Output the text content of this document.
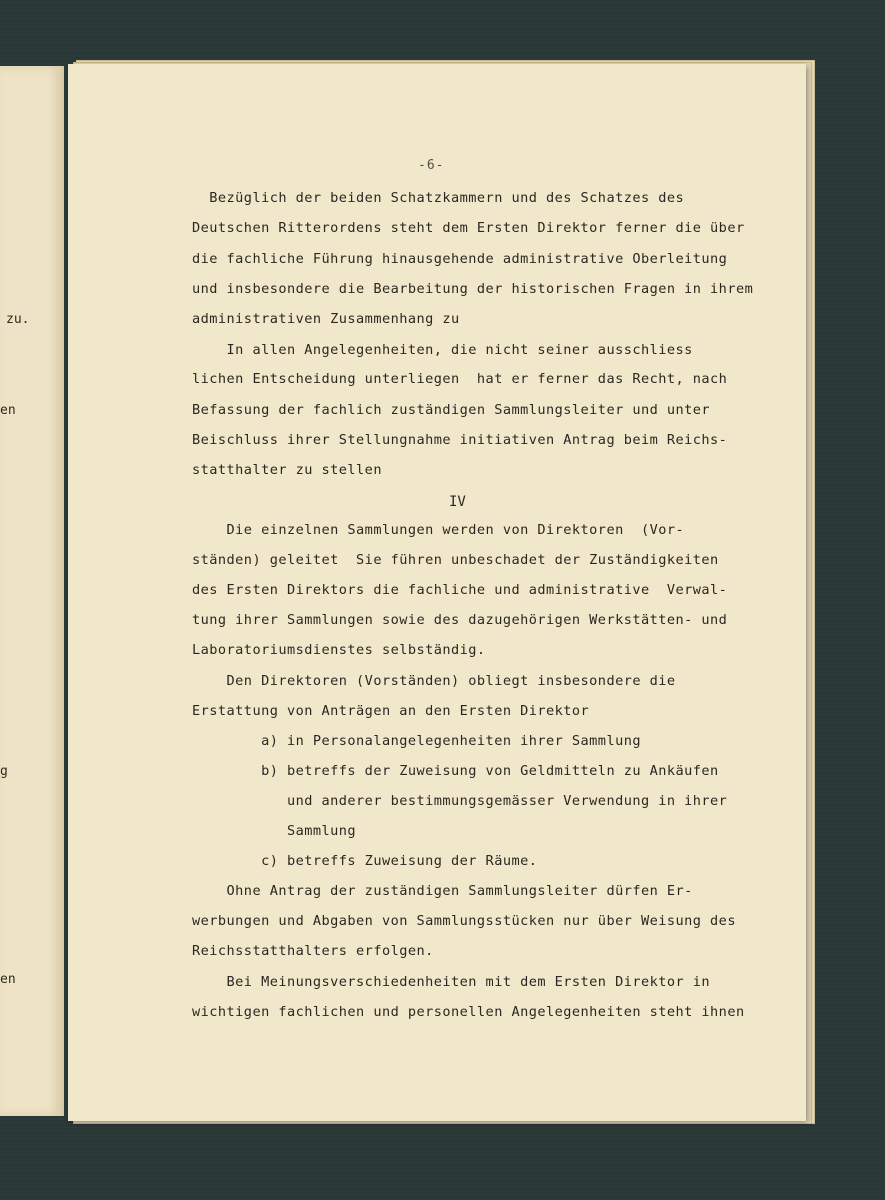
zu.
en
g
en
-6-
IV
Bezüglich der beiden Schatzkammern und des Schatzes des
Deutschen Ritterordens steht dem Ersten Direktor ferner die über
die fachliche Führung hinausgehende administrative Oberleitung
und insbesondere die Bearbeitung der historischen Fragen in ihrem
administrativen Zusammenhang zu
In allen Angelegenheiten, die nicht seiner ausschliess
lichen Entscheidung unterliegen  hat er ferner das Recht, nach
Befassung der fachlich zuständigen Sammlungsleiter und unter
Beischluss ihrer Stellungnahme initiativen Antrag beim Reichs-
statthalter zu stellen
Die einzelnen Sammlungen werden von Direktoren  (Vor-
ständen) geleitet  Sie führen unbeschadet der Zuständigkeiten
des Ersten Direktors die fachliche und administrative  Verwal-
tung ihrer Sammlungen sowie des dazugehörigen Werkstätten- und
Laboratoriumsdienstes selbständig.
Den Direktoren (Vorständen) obliegt insbesondere die
Erstattung von Anträgen an den Ersten Direktor
a) in Personalangelegenheiten ihrer Sammlung
b) betreffs der Zuweisung von Geldmitteln zu Ankäufen
und anderer bestimmungsgemässer Verwendung in ihrer
Sammlung
c) betreffs Zuweisung der Räume.
Ohne Antrag der zuständigen Sammlungsleiter dürfen Er-
werbungen und Abgaben von Sammlungsstücken nur über Weisung des
Reichsstatthalters erfolgen.
Bei Meinungsverschiedenheiten mit dem Ersten Direktor in
wichtigen fachlichen und personellen Angelegenheiten steht ihnen
